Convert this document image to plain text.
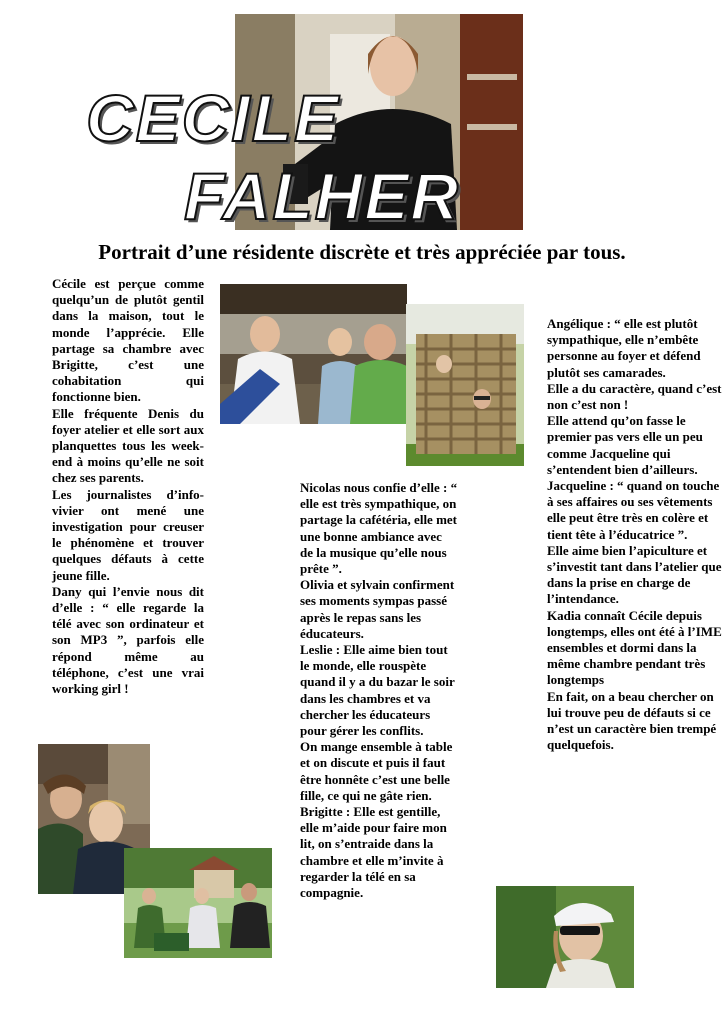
CECILE
FALHER
Portrait d’une résidente discrète et très appréciée par tous.

Cécile est perçue comme quelqu’un de plutôt gentil dans la maison, tout le monde l’apprécie. Elle partage sa chambre avec Brigitte, c’est une cohabitation qui fonctionne bien.

Elle fréquente Denis du foyer atelier et elle sort aux planquettes tous les week-end à moins qu’elle ne soit chez ses parents.

Les journalistes d’info-vivier ont mené une investigation pour creuser le phénomène et trouver quelques défauts à cette jeune fille.

Dany qui l’envie nous dit d’elle : “ elle regarde la télé avec son ordinateur et son MP3 ”, parfois elle répond même au téléphone, c’est une vrai working girl !

Nicolas nous confie d’elle : “ elle est très sympathique, on partage la cafétéria, elle met une bonne ambiance avec de la musique qu’elle nous prête ”.

Olivia et sylvain confirment ses moments sympas passé après le repas sans les éducateurs.

Leslie : Elle aime bien tout le monde, elle rouspète quand il y a du bazar le soir dans les chambres et va chercher les éducateurs pour gérer les conflits.

On mange ensemble à table et on discute et puis il faut être honnête c’est une belle fille, ce qui ne gâte rien.

Brigitte : Elle est gentille, elle m’aide pour faire mon lit, on s’entraide dans la chambre et elle m’invite à regarder la télé en sa compagnie.

Angélique : “ elle est plutôt sympathique, elle n’embête personne au foyer et défend plutôt ses camarades.

Elle a du caractère, quand c’est non c’est non !

Elle attend qu’on fasse le premier pas vers elle un peu comme Jacqueline qui s’entendent bien d’ailleurs.

Jacqueline : “ quand on touche à ses affaires ou ses vêtements elle peut être très en colère et tient tête à l’éducatrice ”.

Elle aime bien l’apiculture et s’investit tant dans l’atelier que dans la prise en charge de l’intendance.

Kadia connaît Cécile depuis longtemps, elles ont été à l’IME ensembles et dormi dans la même chambre pendant très longtemps

En fait, on a beau chercher on lui trouve peu de défauts si ce n’est un caractère bien trempé quelquefois.
